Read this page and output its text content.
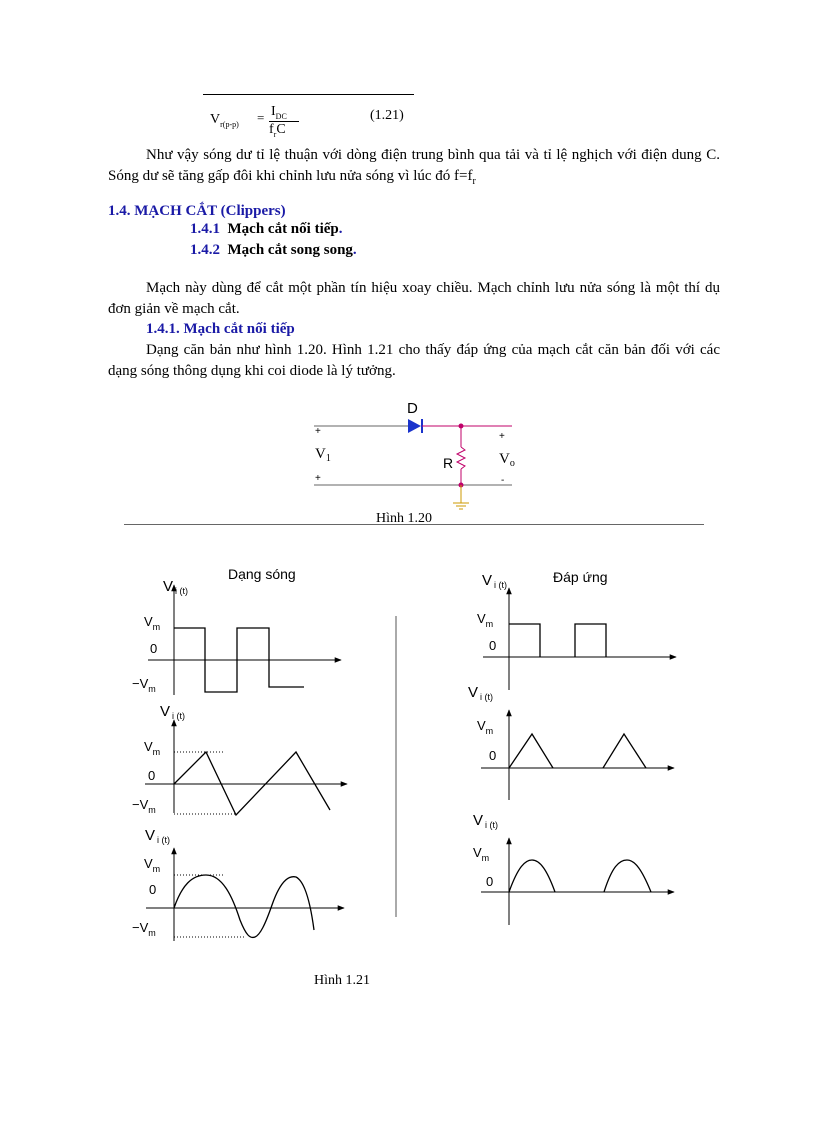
$V_{r(p-p)} = I_{DC}$
$f_rC$
(1.21)
Như vậy sóng dư tỉ lệ thuận với dòng điện trung bình qua tải và tỉ lệ nghịch với điện dung C. Sóng dư sẽ tăng gấp đôi khi chỉnh lưu nửa sóng vì lúc đó $f=f_r$
1.4. MẠCH CẮT (Clippers)
1.4.1 Mạch cắt nối tiếp.
1.4.2 Mạch cắt song song.
Mạch này dùng để cắt một phần tín hiệu xoay chiều. Mạch chỉnh lưu nửa sóng là một thí dụ đơn giản về mạch cắt.
1.4.1. Mạch cắt nối tiếp
Dạng căn bản như hình 1.20. Hình 1.21 cho thấy đáp ứng của mạch cắt căn bản đối với các dạng sóng thông dụng khi coi diode là lý tưởng.
D
R
+
+
+
-
$V_1$	$V_o$
Hình 1.20
Dạng sóng	Đáp ứng
V $_{i (t)}$
$V_m$
0
$-V_m$
V $_{i (t)}$
$V_m$
0
$-V_m$
V $_{i (t)}$
$V_m$
0
$-V_m$
V $_{i (t)}$
$V_m$
0
V $_{i (t)}$
$V_m$
0
V $_{i (t)}$
$V_m$
0
Hình 1.21
